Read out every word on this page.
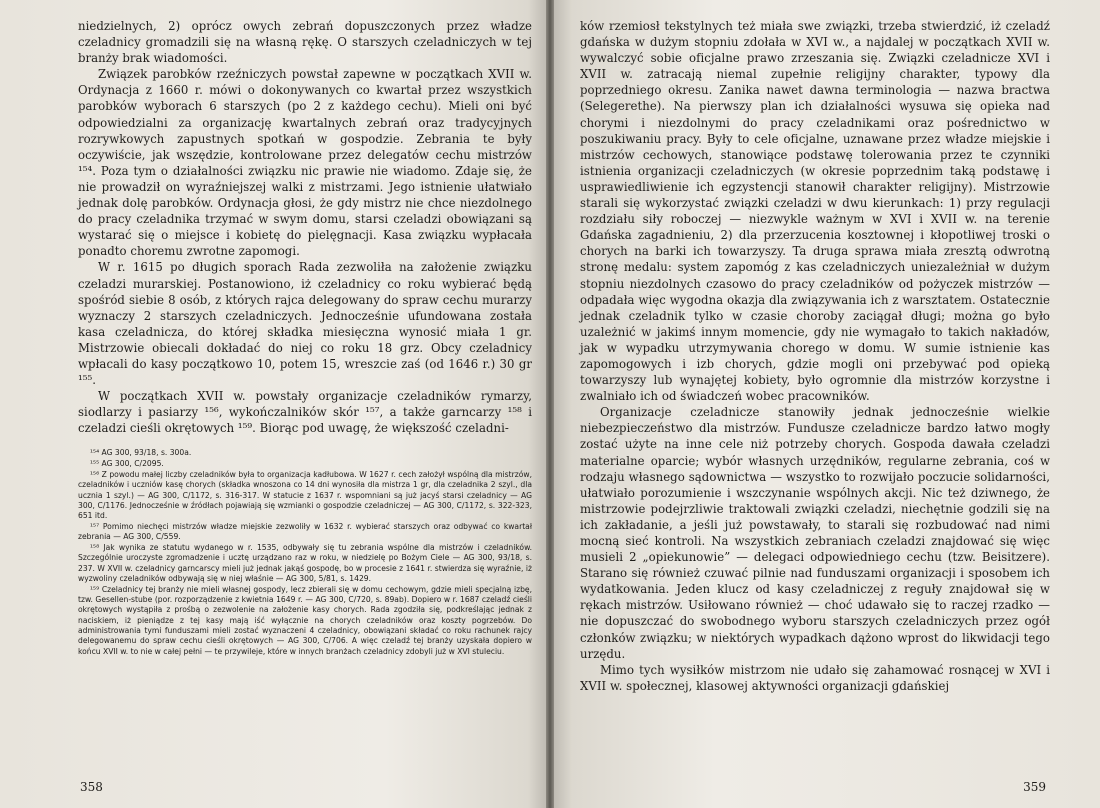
niedzielnych, 2) oprócz owych zebrań dopuszczonych przez władze czeladnicy gromadzili się na własną rękę. O starszych czeladniczych w tej branży brak wiadomości.

Związek parobków rzeźniczych powstał zapewne w początkach XVII w. Ordynacja z 1660 r. mówi o dokonywanych co kwartał przez wszystkich parobków wyborach 6 starszych (po 2 z każdego cechu). Mieli oni być odpowiedzialni za organizację kwartalnych zebrań oraz tradycyjnych rozrywkowych zapustnych spotkań w gospodzie. Zebrania te były oczywiście, jak wszędzie, kontrolowane przez delegatów cechu mistrzów ¹⁵⁴. Poza tym o działalności związku nic prawie nie wiadomo. Zdaje się, że nie prowadził on wyraźniejszej walki z mistrzami. Jego istnienie ułatwiało jednak dolę parobków. Ordynacja głosi, że gdy mistrz nie chce niezdolnego do pracy czeladnika trzymać w swym domu, starsi czeladzi obowiązani są wystarać się o miejsce i kobietę do pielęgnacji. Kasa związku wypłacała ponadto choremu zwrotne zapomogi.

W r. 1615 po długich sporach Rada zezwoliła na założenie związku czeladzi murarskiej. Postanowiono, iż czeladnicy co roku wybierać będą spośród siebie 8 osób, z których rajca delegowany do spraw cechu murarzy wyznaczy 2 starszych czeladniczych. Jednocześnie ufundowana została kasa czeladnicza, do której składka miesięczna wynosić miała 1 gr. Mistrzowie obiecali dokładać do niej co roku 18 grz. Obcy czeladnicy wpłacali do kasy początkowo 10, potem 15, wreszcie zaś (od 1646 r.) 30 gr ¹⁵⁵.

W początkach XVII w. powstały organizacje czeladników rymarzy, siodlarzy i pasiarzy ¹⁵⁶, wykończalników skór ¹⁵⁷, a także garncarzy ¹⁵⁸ i czeladzi cieśli okrętowych ¹⁵⁹. Biorąc pod uwagę, że większość czeladni-

¹⁵⁴ AG 300, 93/18, s. 300a.

¹⁵⁵ AG 300, C/2095.

¹⁵⁶ Z powodu małej liczby czeladników była to organizacja kadłubowa. W 1627 r. cech założył wspólną dla mistrzów, czeladników i uczniów kasę chorych (składka wnoszona co 14 dni wynosiła dla mistrza 1 gr, dla czeladnika 2 szyl., dla ucznia 1 szyl.) — AG 300, C/1172, s. 316-317. W statucie z 1637 r. wspomniani są już jacyś starsi czeladnicy — AG 300, C/1176. Jednocześnie w źródłach pojawiają się wzmianki o gospodzie czeladniczej — AG 300, C/1172, s. 322-323, 651 itd.

¹⁵⁷ Pomimo niechęci mistrzów władze miejskie zezwoliły w 1632 r. wybierać starszych oraz odbywać co kwartał zebrania — AG 300, C/559.

¹⁵⁸ Jak wynika ze statutu wydanego w r. 1535, odbywały się tu zebrania wspólne dla mistrzów i czeladników. Szczególnie uroczyste zgromadzenie i ucztę urządzano raz w roku, w niedzielę po Bożym Ciele — AG 300, 93/18, s. 237. W XVII w. czeladnicy garncarscy mieli już jednak jakąś gospodę, bo w procesie z 1641 r. stwierdza się wyraźnie, iż wyzwoliny czeladników odbywają się w niej właśnie — AG 300, 5/81, s. 1429.

¹⁵⁹ Czeladnicy tej branży nie mieli własnej gospody, lecz zbierali się w domu cechowym, gdzie mieli specjalną izbę, tzw. Gesellen-stube (por. rozporządzenie z kwietnia 1649 r. — AG 300, C/720, s. 89ab). Dopiero w r. 1687 czeladź cieśli okrętowych wystąpiła z prośbą o zezwolenie na założenie kasy chorych. Rada zgodziła się, podkreślając jednak z naciskiem, iż pieniądze z tej kasy mają iść wyłącznie na chorych czeladników oraz koszty pogrzebów. Do administrowania tymi funduszami mieli zostać wyznaczeni 4 czeladnicy, obowiązani składać co roku rachunek rajcy delegowanemu do spraw cechu cieśli okrętowych — AG 300, C/706. A więc czeladź tej branży uzyskała dopiero w końcu XVII w. to nie w całej pełni — te przywileje, które w innych branżach czeladnicy zdobyli już w XVI stuleciu.

358

ków rzemiosł tekstylnych też miała swe związki, trzeba stwierdzić, iż czeladź gdańska w dużym stopniu zdołała w XVI w., a najdalej w początkach XVII w. wywalczyć sobie oficjalne prawo zrzeszania się. Związki czeladnicze XVI i XVII w. zatracają niemal zupełnie religijny charakter, typowy dla poprzedniego okresu. Zanika nawet dawna terminologia — nazwa bractwa (Selegerethe). Na pierwszy plan ich działalności wysuwa się opieka nad chorymi i niezdolnymi do pracy czeladnikami oraz pośrednictwo w poszukiwaniu pracy. Były to cele oficjalne, uznawane przez władze miejskie i mistrzów cechowych, stanowiące podstawę tolerowania przez te czynniki istnienia organizacji czeladniczych (w okresie poprzednim taką podstawę i usprawiedliwienie ich egzystencji stanowił charakter religijny). Mistrzowie starali się wykorzystać związki czeladzi w dwu kierunkach: 1) przy regulacji rozdziału siły roboczej — niezwykle ważnym w XVI i XVII w. na terenie Gdańska zagadnieniu, 2) dla przerzucenia kosztownej i kłopotliwej troski o chorych na barki ich towarzyszy. Ta druga sprawa miała zresztą odwrotną stronę medalu: system zapomóg z kas czeladniczych uniezależniał w dużym stopniu niezdolnych czasowo do pracy czeladników od pożyczek mistrzów — odpadała więc wygodna okazja dla związywania ich z warsztatem. Ostatecznie jednak czeladnik tylko w czasie choroby zaciągał długi; można go było uzależnić w jakimś innym momencie, gdy nie wymagało to takich nakładów, jak w wypadku utrzymywania chorego w domu. W sumie istnienie kas zapomogowych i izb chorych, gdzie mogli oni przebywać pod opieką towarzyszy lub wynajętej kobiety, było ogromnie dla mistrzów korzystne i zwalniało ich od świadczeń wobec pracowników.

Organizacje czeladnicze stanowiły jednak jednocześnie wielkie niebezpieczeństwo dla mistrzów. Fundusze czeladnicze bardzo łatwo mogły zostać użyte na inne cele niż potrzeby chorych. Gospoda dawała czeladzi materialne oparcie; wybór własnych urzędników, regularne zebrania, coś w rodzaju własnego sądownictwa — wszystko to rozwijało poczucie solidarności, ułatwiało porozumienie i wszczynanie wspólnych akcji. Nic też dziwnego, że mistrzowie podejrzliwie traktowali związki czeladzi, niechętnie godzili się na ich zakładanie, a jeśli już powstawały, to starali się rozbudować nad nimi mocną sieć kontroli. Na wszystkich zebraniach czeladzi znajdować się więc musieli 2 „opiekunowie” — delegaci odpowiedniego cechu (tzw. Beisitzere). Starano się również czuwać pilnie nad funduszami organizacji i sposobem ich wydatkowania. Jeden klucz od kasy czeladniczej z reguły znajdował się w rękach mistrzów. Usiłowano również — choć udawało się to raczej rzadko — nie dopuszczać do swobodnego wyboru starszych czeladniczych przez ogół członków związku; w niektórych wypadkach dążono wprost do likwidacji tego urzędu.

Mimo tych wysiłków mistrzom nie udało się zahamować rosnącej w XVI i XVII w. społecznej, klasowej aktywności organizacji gdańskiej

359
